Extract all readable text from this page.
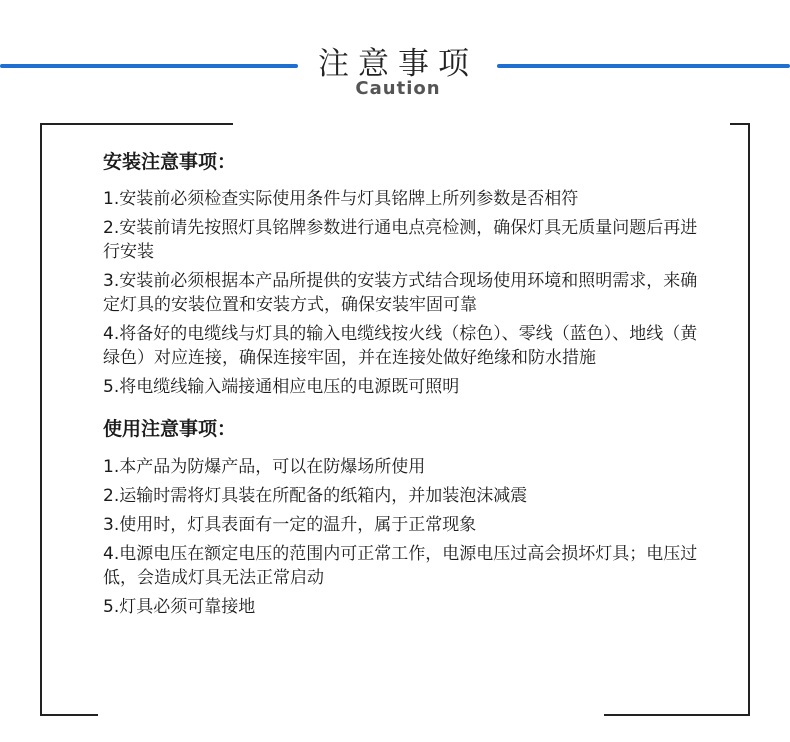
注意事项
Caution
安装注意事项：
1.安装前必须检查实际使用条件与灯具铭牌上所列参数是否相符
2.安装前请先按照灯具铭牌参数进行通电点亮检测，确保灯具无质量问题后再进行安装
3.安装前必须根据本产品所提供的安装方式结合现场使用环境和照明需求，来确定灯具的安装位置和安装方式，确保安装牢固可靠
4.将备好的电缆线与灯具的输入电缆线按火线（棕色）、零线（蓝色）、地线（黄绿色）对应连接，确保连接牢固，并在连接处做好绝缘和防水措施
5.将电缆线输入端接通相应电压的电源既可照明
使用注意事项：
1.本产品为防爆产品，可以在防爆场所使用
2.运输时需将灯具装在所配备的纸箱内，并加装泡沫减震
3.使用时，灯具表面有一定的温升，属于正常现象
4.电源电压在额定电压的范围内可正常工作，电源电压过高会损坏灯具；电压过低，会造成灯具无法正常启动
5.灯具必须可靠接地
